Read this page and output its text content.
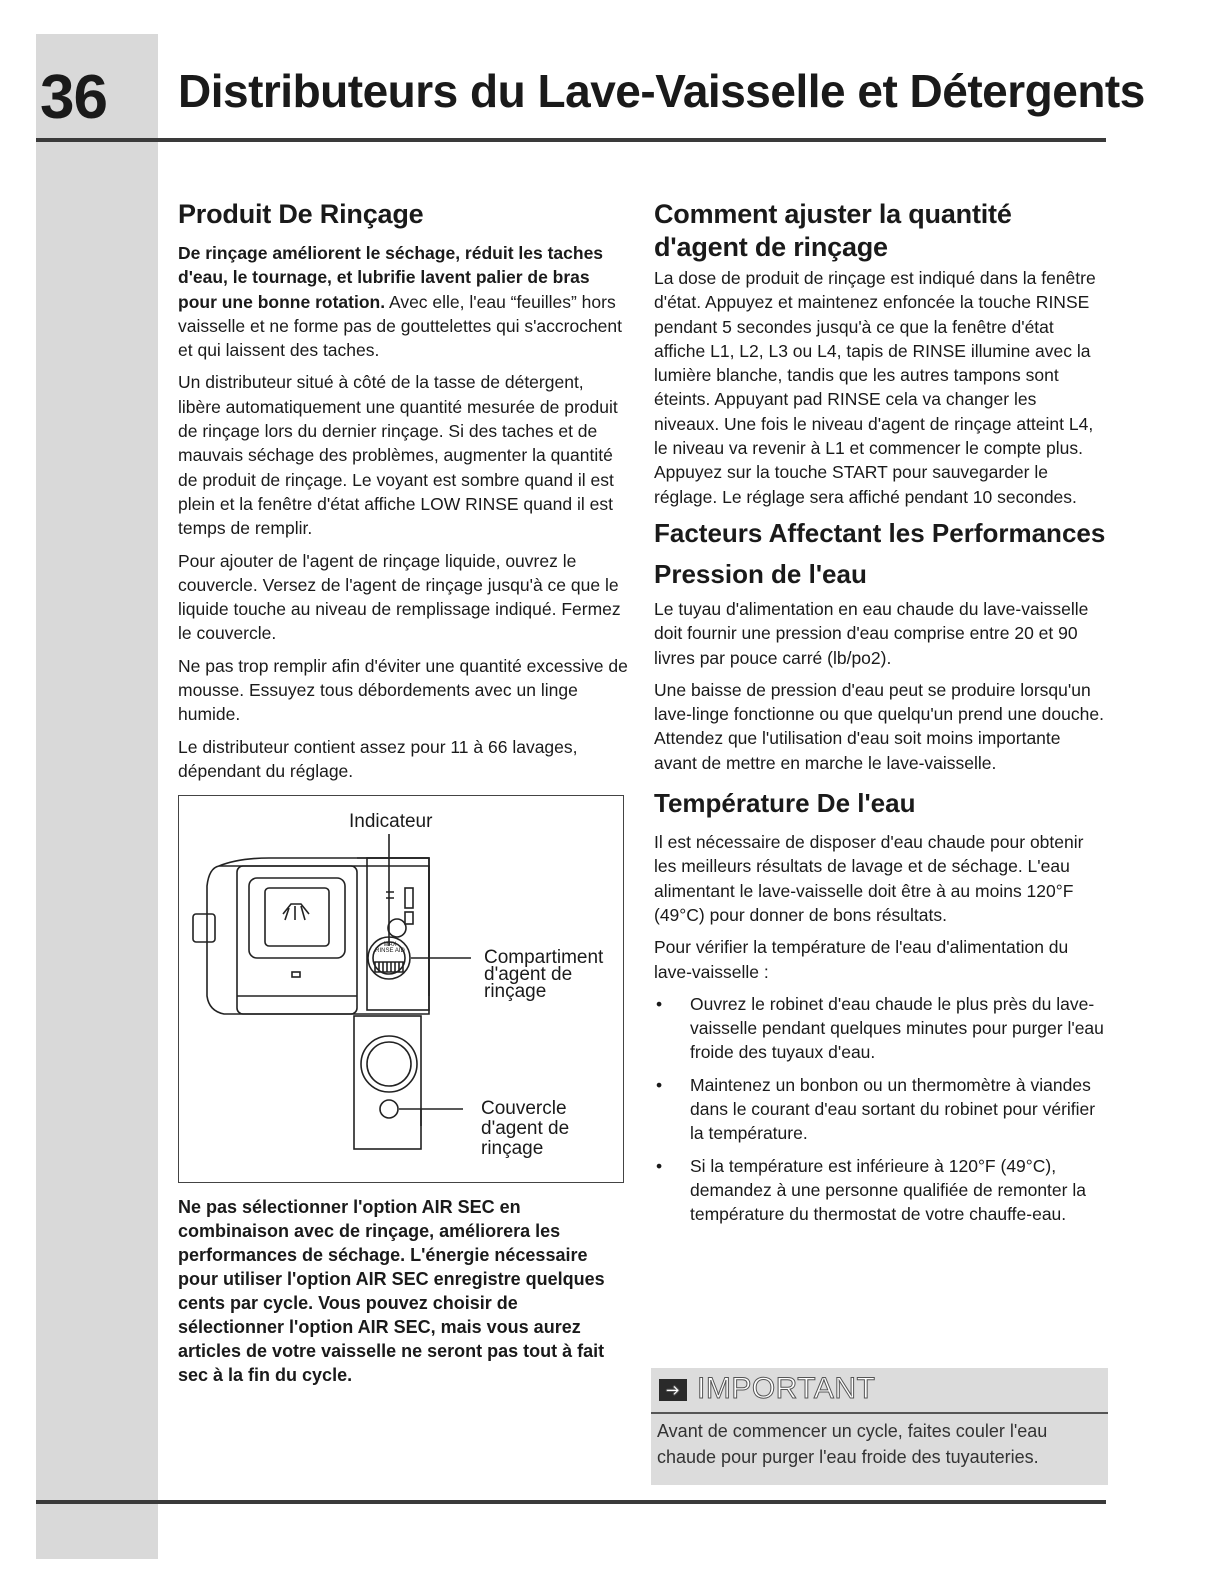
36 Distributeurs du Lave-Vaisselle et Détergents
Produit De Rinçage

De rinçage améliorent le séchage, réduit les taches d'eau, le tournage, et lubrifie lavent palier de bras pour une bonne rotation. Avec elle, l'eau “feuilles” hors vaisselle et ne forme pas de gouttelettes qui s'accrochent et qui laissent des taches.

Un distributeur situé à côté de la tasse de détergent, libère automatiquement une quantité mesurée de produit de rinçage lors du dernier rinçage. Si des taches et de mauvais séchage des problèmes, augmenter la quantité de produit de rinçage. Le voyant est sombre quand il est plein et la fenêtre d'état affiche LOW RINSE quand il est temps de remplir.

Pour ajouter de l'agent de rinçage liquide, ouvrez le couvercle. Versez de l'agent de rinçage jusqu'à ce que le liquide touche au niveau de remplissage indiqué. Fermez le couvercle.

Ne pas trop remplir afin d'éviter une quantité excessive de mousse. Essuyez tous débordements avec un linge humide.

Le distributeur contient assez pour 11 à 66 lavages, dépendant du réglage.

Indicateur
MAX
RINSE AID	Compartiment
d'agent de
rinçage
Couvercle
d'agent de
rinçage

Ne pas sélectionner l'option AIR SEC en combinaison avec de rinçage, améliorera les performances de séchage. L'énergie nécessaire pour utiliser l'option AIR SEC enregistre quelques cents par cycle. Vous pouvez choisir de sélectionner l'option AIR SEC, mais vous aurez articles de votre vaisselle ne seront pas tout à fait sec à la fin du cycle.

Comment ajuster la quantité d'agent de rinçage

La dose de produit de rinçage est indiqué dans la fenêtre d'état. Appuyez et maintenez enfoncée la touche RINSE pendant 5 secondes jusqu'à ce que la fenêtre d'état affiche L1, L2, L3 ou L4, tapis de RINSE illumine avec la lumière blanche, tandis que les autres tampons sont éteints. Appuyant pad RINSE cela va changer les niveaux. Une fois le niveau d'agent de rinçage atteint L4, le niveau va revenir à L1 et commencer le compte plus. Appuyez sur la touche START pour sauvegarder le réglage. Le réglage sera affiché pendant 10 secondes.

Facteurs Affectant les Performances
Pression de l'eau

Le tuyau d'alimentation en eau chaude du lave-vaisselle doit fournir une pression d'eau comprise entre 20 et 90 livres par pouce carré (lb/po2).

Une baisse de pression d'eau peut se produire lorsqu'un lave-linge fonctionne ou que quelqu'un prend une douche. Attendez que l'utilisation d'eau soit moins importante avant de mettre en marche le lave-vaisselle.

Température De l'eau

Il est nécessaire de disposer d'eau chaude pour obtenir les meilleurs résultats de lavage et de séchage. L'eau alimentant le lave-vaisselle doit être à au moins 120°F (49°C) pour donner de bons résultats.

Pour vérifier la température de l'eau d'alimentation du lave-vaisselle :

• Ouvrez le robinet d'eau chaude le plus près du lave-vaisselle pendant quelques minutes pour purger l'eau froide des tuyaux d'eau.
• Maintenez un bonbon ou un thermomètre à viandes dans le courant d'eau sortant du robinet pour vérifier la température.
• Si la température est inférieure à 120°F (49°C), demandez à une personne qualifiée de remonter la température du thermostat de votre chauffe-eau.
➜ IMPORTANT
Avant de commencer un cycle, faites couler l'eau chaude pour purger l'eau froide des tuyauteries.
